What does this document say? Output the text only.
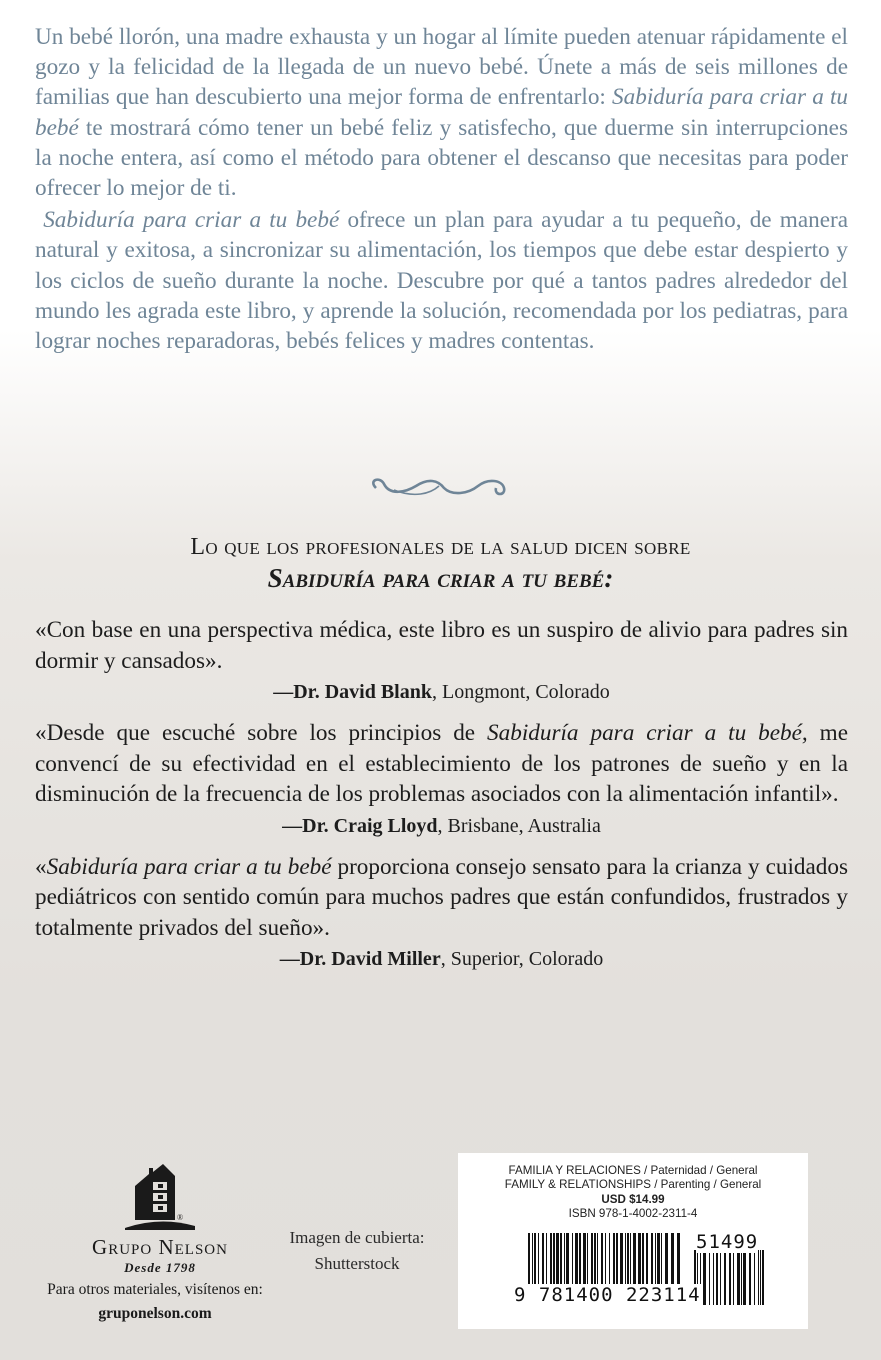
Un bebé llorón, una madre exhausta y un hogar al límite pueden atenuar rápidamente el gozo y la felicidad de la llegada de un nuevo bebé. Únete a más de seis millones de familias que han descubierto una mejor forma de enfrentarlo: Sabiduría para criar a tu bebé te mostrará cómo tener un bebé feliz y satisfecho, que duerme sin interrupciones la noche entera, así como el método para obtener el descanso que necesitas para poder ofrecer lo mejor de ti.

Sabiduría para criar a tu bebé ofrece un plan para ayudar a tu pequeño, de manera natural y exitosa, a sincronizar su alimentación, los tiempos que debe estar despierto y los ciclos de sueño durante la noche. Descubre por qué a tantos padres alrededor del mundo les agrada este libro, y aprende la solución, recomendada por los pediatras, para lograr noches reparadoras, bebés felices y madres contentas.

Lo que los profesionales de la salud dicen sobre
Sabiduría para criar a tu bebé:

«Con base en una perspectiva médica, este libro es un suspiro de alivio para padres sin dormir y cansados».

—Dr. David Blank, Longmont, Colorado

«Desde que escuché sobre los principios de Sabiduría para criar a tu bebé, me convencí de su efectividad en el establecimiento de los patrones de sueño y en la disminución de la frecuencia de los problemas asociados con la alimentación infantil».

—Dr. Craig Lloyd, Brisbane, Australia

«Sabiduría para criar a tu bebé proporciona consejo sensato para la crianza y cuidados pediátricos con sentido común para muchos padres que están confundidos, frustrados y totalmente privados del sueño».

—Dr. David Miller, Superior, Colorado
®
Grupo Nelson
Desde 1798
Para otros materiales, visítenos en:
gruponelson.com
Imagen de cubierta:
Shutterstock
FAMILIA Y RELACIONES / Paternidad / General
FAMILY & RELATIONSHIPS / Parenting / General
USD $14.99
ISBN 978-1-4002-2311-4
9 781400 223114
51499
